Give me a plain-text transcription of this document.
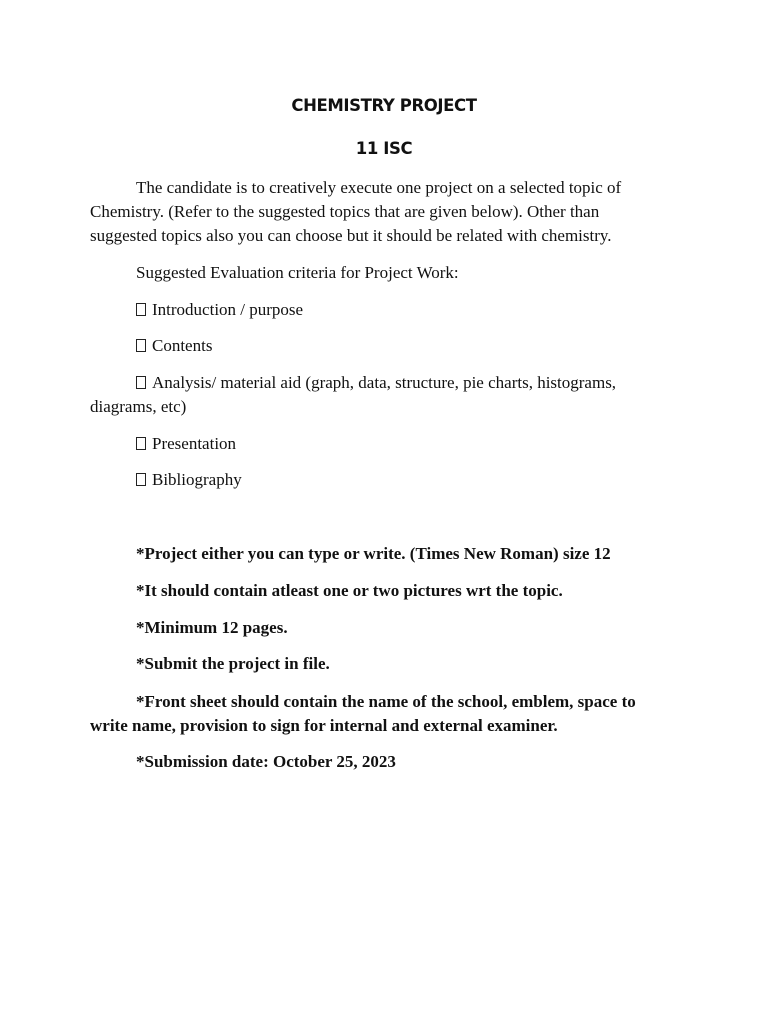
CHEMISTRY PROJECT
11 ISC

The candidate is to creatively execute one project on a selected topic of

Chemistry. (Refer to the suggested topics that are given below). Other than

suggested topics also you can choose but it should be related with chemistry.

Suggested Evaluation criteria for Project Work:

Introduction / purpose
Contents
Analysis/ material aid (graph, data, structure, pie charts, histograms,

diagrams, etc)

Presentation
Bibliography

*Project either you can type or write. (Times New Roman) size 12

*It should contain atleast one or two pictures wrt the topic.

*Minimum 12 pages.

*Submit the project in file.

*Front sheet should contain the name of the school, emblem, space to

write name, provision to sign for internal and external examiner.

*Submission date: October 25, 2023
